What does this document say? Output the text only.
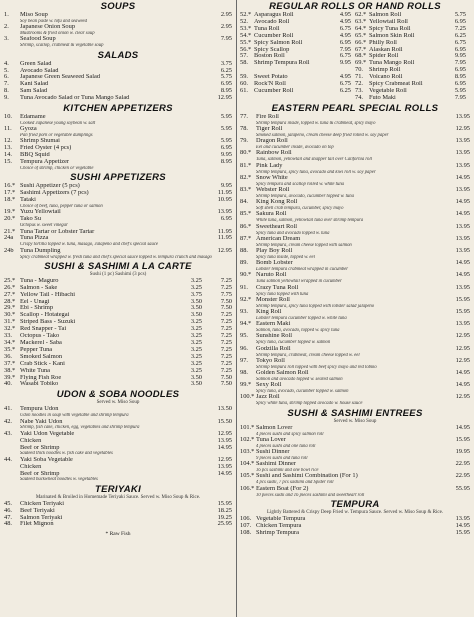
SOUPS
1.	Miso Soup	2.95
Soy bean paste w. tofu and seaweed
2.	Japanese Onion Soup	2.95
Mushrooms & fried onion w. clear soup
3.	Seafood Soup	7.95
Shrimp, scallop, crabmeat & vegetable soup
SALADS
4.	Green Salad	3.75
5.	Avocado Salad	6.25
6.	Japanese Green Seaweed Salad	5.75
7.	Kani Salad	6.95
8.	Sam Salad	8.95
9.	Tuna Avocado Salad or Tuna Mango Salad	12.95
KITCHEN APPETIZERS
10.	Edamame	5.95
Cooked Japanese young soybean w. salt
11.	Gyoza	5.95
Pan fried pork or vegetable dumplings
12.	Shrimp Shumai	5.95
13.	Fried Oyster (4 pcs)	6.95
14.	BBQ Squid	9.95
15.	Tempura Appetizer	8.95
Choice of shrimp, chicken or vegetable
SUSHI APPETIZERS
16.* Sushi Appetizer (5 pcs)	9.95
17.* Sashimi Appetizers (7 pcs)	11.95
18.* Tataki	10.95
Choice of beef, tuna, pepper tuna or salmon
19.* Yuzu Yellowtail	13.95
20.* Tako Su	6.95
Octopus w. sweet vinegar
21.* Tuna Tartar or Lobster Tartar	11.95
24a	Tuna Pizza	11.95
Crispy tortilla topped w. tuna, masago, Jalapeno and chef's special sauce
24b	Tuna Dumpling	12.95
Spicy crabmeat wrapped w. fresh tuna and chef's special sauce topped w. tempura crunch and masago
SUSHI & SASHIMI A LA CARTE
Sushi (1 pc) Sashimi (3 pcs)
25.* Tuna - Maguro	3.25	7.25
26.* Salmon - Sake	3.25	7.25
27.* Yellow Tail - Hibachi	3.75	7.75
28.* Eel - Unagi	3.50	7.50
29.* Ebi - Shrimp	3.50	7.50
30.* Scallop - Hotategai	3.50	7.25
31.* Striped Bass - Suzuki	3.25	7.25
32.* Red Snapper - Tai	3.25	7.25
33.	Octopus - Tako	3.25	7.25
34.* Mackerel - Saba	3.25	7.25
35.* Pepper Tuna	3.25	7.25
36.	Smoked Salmon	3.25	7.25
37.* Crab Stick - Kani	3.25	7.25
38.* White Tuna	3.25	7.25
39.* Flying Fish Roe	3.50	7.50
40.	Wasabi Tobiko	3.50	7.50
UDON & SOBA NOODLES
Served w. Miso Soup
41.	Tempura Udon	13.50
Udon noodles in soup with vegetable and shrimp tempura
42.	Nabe Yaki Udon	15.50
Shrimp, fish cake, chicken, egg, vegetables and shrimp tempura
43.	Yaki Udon Vegetable	12.95
Chicken	13.95
Beef or Shrimp	14.95
Sauteed thick noodles w. fish cake and vegetables
44.	Yaki Soba Vegetable	12.95
Chicken	13.95
Beef or Shrimp	14.95
Sauteed buckwheat noodles w. vegetables
TERIYAKI
Marinated & Broiled in Homemade Teriyaki Sauce. Served w. Miso Soup & Rice.
45.	Chicken Teriyaki	15.95
46.	Beef Teriyaki	18.25
47.	Salmon Teriyaki	19.25
48.	Filet Mignon	25.95
* Raw Fish
REGULAR ROLLS OR HAND ROLLS
52.* Asparagus Roll	4.95 62.* Salmon Roll	5.75
52. Avocado Roll	4.95 63.* Yellowtail Roll	6.95
53.* Tuna Roll	6.75 64.* Spicy Tuna Roll	7.25
54.* Cucumber Roll	4.95 65.* Salmon Skin Roll	6.25
55.* Spicy Salmon Roll	6.95 66.* Philly Roll	6.75
56.* Spicy Scallop	7.95 67.* Alaskan Roll	6.95
57. Boston Roll	6.75 68.* Spider Roll	9.95
58. Shrimp Tempura Roll	9.95 69.* Tuna Mango Roll	7.95
70. Shrimp Roll	6.95
59. Sweet Potato	4.95 71. Volcano Roll	8.95
60. Rock'N Roll	6.75 72. Spicy Crabmeat Roll	6.95
61. Cucumber Roll	6.25 73. Vegetable Roll	5.95
74. Futo Maki	7.95
EASTERN PEARL SPECIAL ROLLS
77.	Fire Roll	13.95
Shrimp tempura inside, topped w. tuna & crabmeat, spicy mayo
78.	Tiger Roll	12.95
Smoked salmon, jalapeno, cream cheese deep fried rolled w. soy paper
79.	Dragon Roll	13.95
Eel and cucumber inside, avocado on top
80.* Rainbow Roll	13.95
Tuna, salmon, yellowtail and snapper tail over California roll
81.* Pink Lady	13.95
Shrimp tempura, spicy tuna, avocado and kiwi roll w. soy paper
82.* Snow White	14.95
Spicy tempura and scallop rolled w. white tuna
83.* Webster Roll	13.95
Shrimp tempura, avocado, cucumber topped w. tuna
84.	King Kong Roll	14.95
Soft shell crab tempura, cucumber, spicy mayo
85.* Sakura Roll	14.95
White tuna, salmon, yellowtail tuna over shrimp tempura
86.* Sweetheart Roll	13.95
Spicy tuna and avocado topped w. tuna
87.* American Dream	13.95
Shrimp tempura, cream cheese topped with salmon
88.	Play Boy Roll	13.95
Spicy tuna inside, topped w. eel
89.	Bomb Lobster	14.95
Lobster tempura crabmeat wrapped in cucumber
90.* Naruto Roll	14.95
Tuna salmon yellowtail wrapped in cucumber
91.	Crazy Tuna Roll	13.95
Spicy tuna topped with tuna
92.* Monster Roll	15.95
Shrimp tempura, spicy tuna topped with lobster salad jalapeno
93.	King Roll	15.95
Lobster tempura cucumber topped w. white tuna
94.* Eastern Maki	13.95
Salmon, tuna, avocado, topped w. spicy tuna
95.	Sunshine Roll	12.95
Spicy tuna, cucumber topped w. salmon
96.	Godzilla Roll	12.95
Shrimp tempura, crabmeat, cream cheese topped w. eel
97.	Tokyo Roll	12.95
Shrimp tempura roll topped with beef spicy mayo and red tobiko
98.	Golden Salmon Roll	14.95
Salmon and avocado topped w. seared salmon
99.* Sexy Roll	14.95
Spicy tuna, avocado, cucumber topped w. salmon
100.* Jazz Roll	12.95
Spicy white tuna, shrimp topped avocado w. house sauce
SUSHI & SASHIMI ENTREES
Served w. Miso Soup
101.* Salmon Lover	14.95
4 pieces sushi and spicy salmon roll
102.* Tuna Lover	15.95
4 pieces sushi and one tuna roll
103.* Sushi Dinner	19.95
9 pieces sushi and tuna roll
104.* Sashimi Dinner	22.95
16 pcs sashimi and one bowl rice
105.* Sushi and Sashimi Combination (For 1)	22.95
4 pcs sushi, 7 pcs sashimi and Spider roll
106.* Eastern Boat (For 2)	55.95
10 pieces sushi and 16 pieces sashimi and sweetheart roll
TEMPURA
Lightly Battered & Crispy Deep Fried w. Tempura Sauce. Served w. Miso Soup & Rice.
106. Vegetable Tempura	13.95
107. Chicken Tempura	14.95
108. Shrimp Tempura	15.95
